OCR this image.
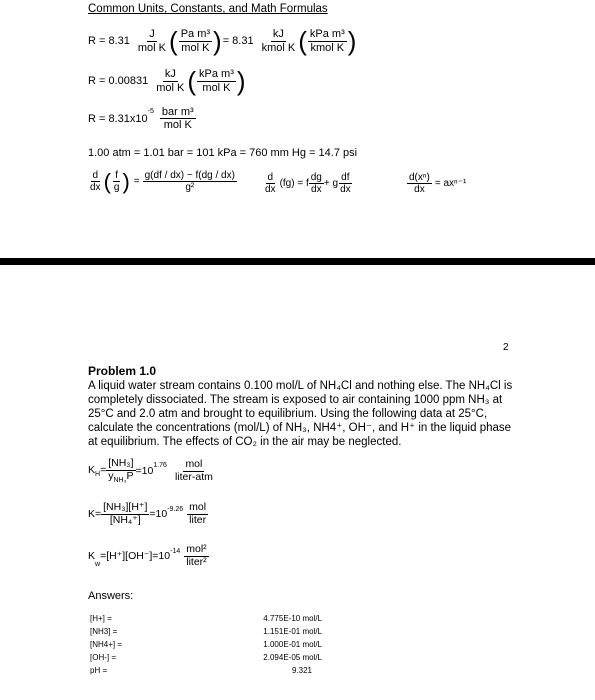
Common Units, Constants, and Math Formulas
$R = 8.31 \frac{J}{\text{mol K}}$ ( $\frac{\text{Pa m³}}{\text{mol K}}$ ) = $8.31 \frac{kJ}{\text{kmol K}}$ ( $\frac{\text{kPa m³}}{\text{kmol K}}$ )
$R = 0.00831 \frac{kJ}{\text{mol K}}$ ( $\frac{\text{kPa m³}}{\text{mol K}}$ )
R = 8.31x10
$^{-5} \frac{\text{bar m³}}{\text{mol K}}$
1.00 atm = 1.01 bar = 101 kPa = 760 mm Hg = 14.7 psi
$\frac{d}{dx}$ ( $\frac{f}{g}$ ) = $\frac{g(df / dx) - f(dg / dx)}{\text{g²}}$	$\frac{d}{dx} (fg) = f \frac{dg}{dx} + g \frac{df}{dx}$	$\frac{\text{d(xⁿ)}}{dx} = ax^{n-1}$
2
Problem 1.0
A liquid water stream contains 0.100 mol/L of NH₄Cl and nothing else. The NH₄Cl is completely dissociated. The stream is exposed to air containing 1000 ppm NH₃ at 25°C and 2.0 atm and brought to equilibrium. Using the following data at 25°C, calculate the concentrations (mol/L) of NH₃, NH4⁺, OH⁻, and H⁺ in the liquid phase at equilibrium. The effects of CO₂ in the air may be neglected.
$K_H= \frac{\text{[NH₃]}}{y_{NH_3}P} =10^{1.76} \frac{\text{mol}}{\text{liter-atm}}$
$K= \frac{\text{[NH₃][H⁺]}}{\text{[NH₄⁺]}} =10^{-9.26} \frac{\text{mol}}{\text{liter}}$
K
$_w$
$=[H^+][OH^-]=10^{-14} \frac{\text{mol²}}{\text{liter²}}$
Answers:
[H+] =	4.775E-10 mol/L
[NH3] =	1.151E-01 mol/L
[NH4+] =	1.000E-01 mol/L
[OH-] =	2.094E-05 mol/L
pH =	9.321
